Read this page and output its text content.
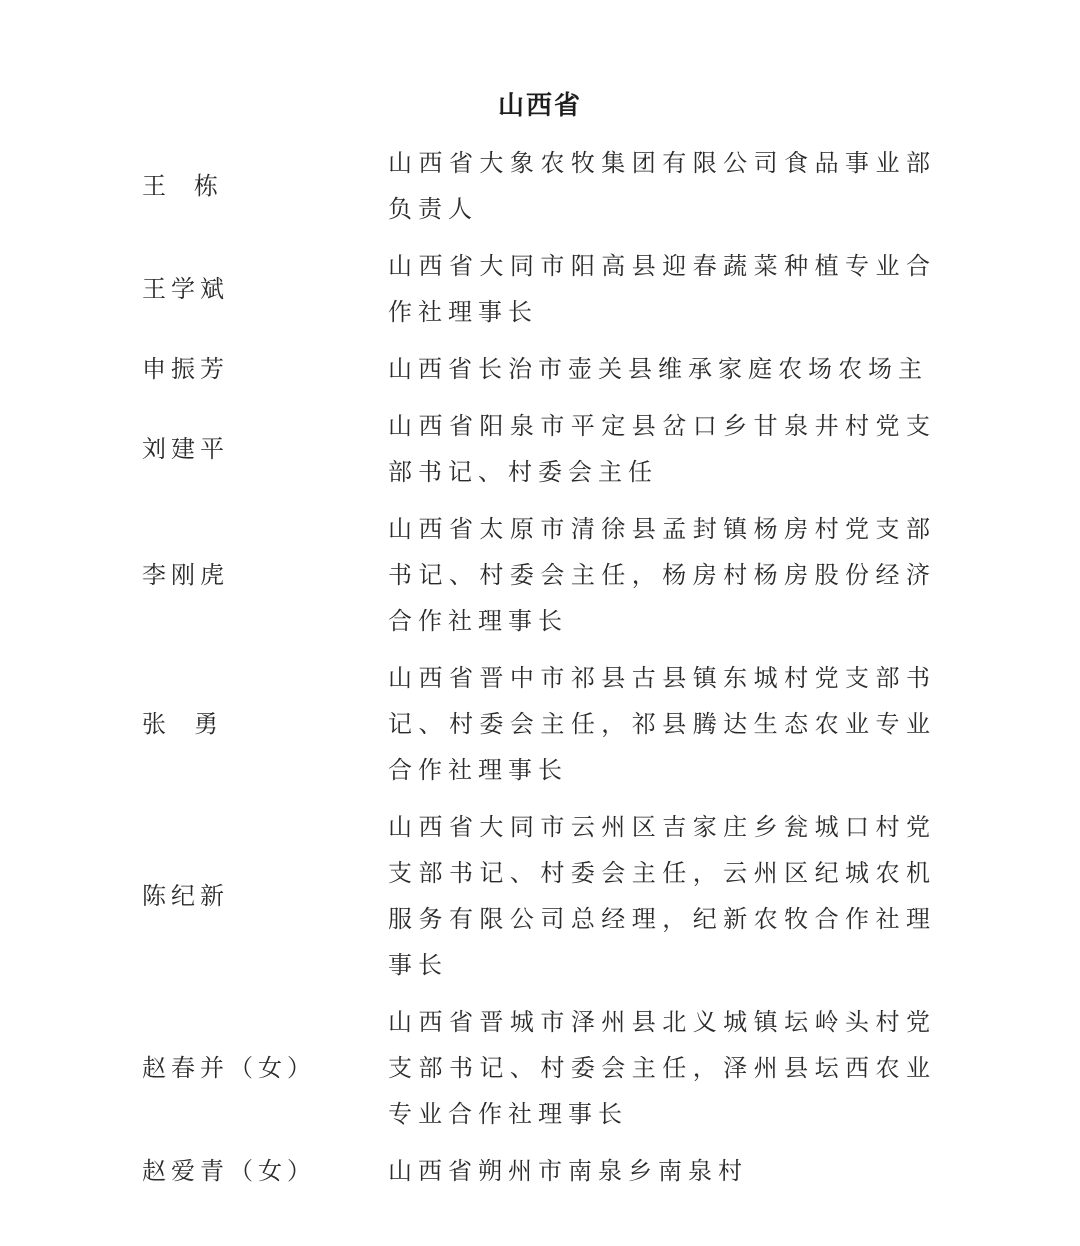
山西省
王栋
山西省大象农牧集团有限公司食品事业部负责人
王学斌
山西省大同市阳高县迎春蔬菜种植专业合作社理事长
申振芳	山西省长治市壶关县维承家庭农场农场主
刘建平
山西省阳泉市平定县岔口乡甘泉井村党支部书记、村委会主任
李刚虎
山西省太原市清徐县孟封镇杨房村党支部书记、村委会主任，杨房村杨房股份经济合作社理事长
张勇
山西省晋中市祁县古县镇东城村党支部书记、村委会主任，祁县腾达生态农业专业合作社理事长
陈纪新
山西省大同市云州区吉家庄乡瓮城口村党支部书记、村委会主任，云州区纪城农机服务有限公司总经理，纪新农牧合作社理事长
赵春并（女）
山西省晋城市泽州县北义城镇坛岭头村党支部书记、村委会主任，泽州县坛西农业专业合作社理事长
赵爱青（女）	山西省朔州市南泉乡南泉村
